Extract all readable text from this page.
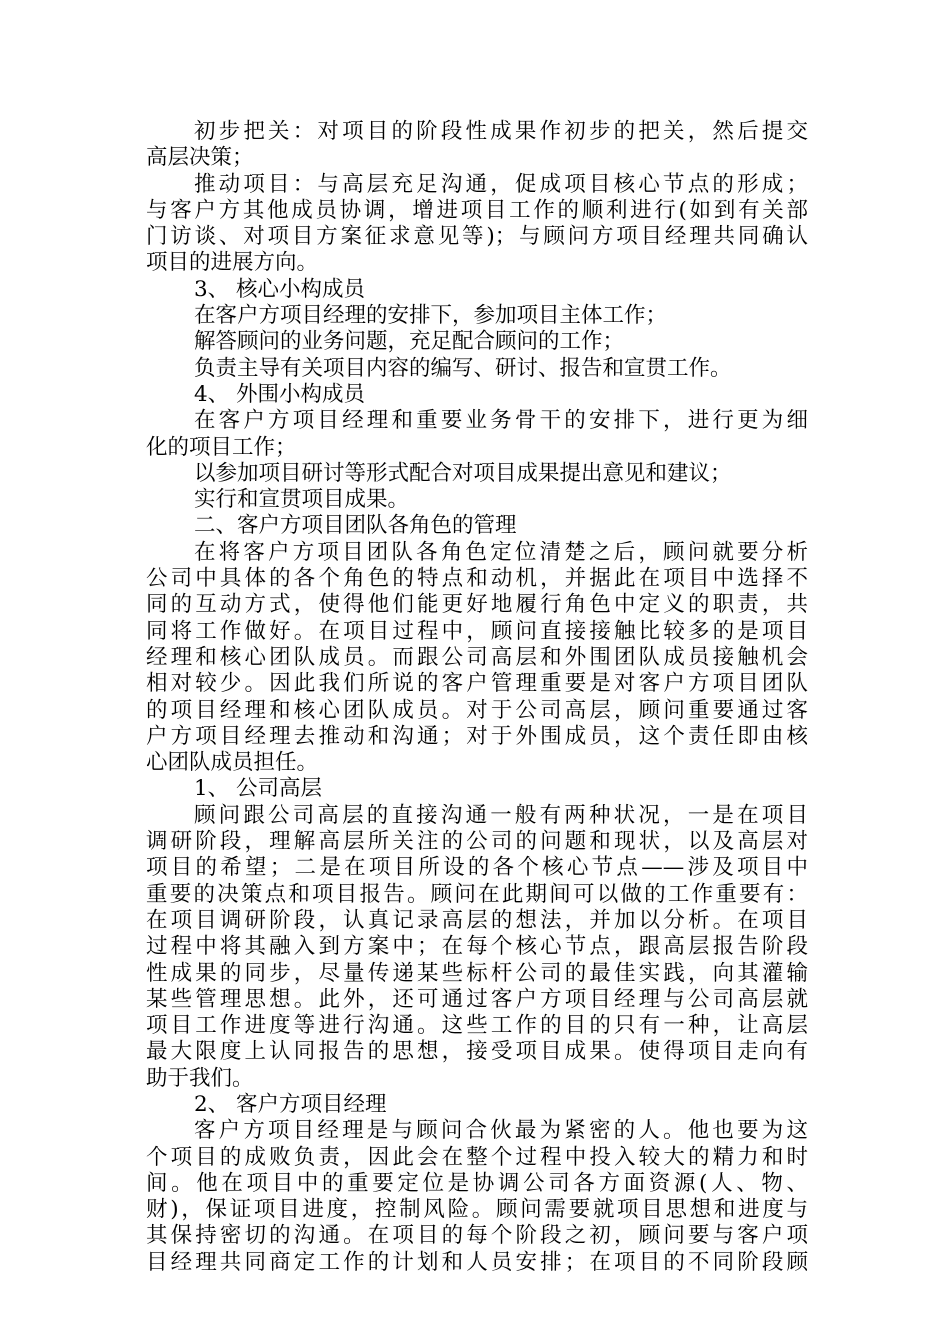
初步把关：对项目的阶段性成果作初步的把关，然后提交
高层决策；
推动项目：与高层充足沟通，促成项目核心节点的形成；
与客户方其他成员协调，增进项目工作的顺利进行(如到有关部
门访谈、对项目方案征求意见等)；与顾问方项目经理共同确认
项目的进展方向。
3、 核心小构成员
在客户方项目经理的安排下，参加项目主体工作；
解答顾问的业务问题，充足配合顾问的工作；
负责主导有关项目内容的编写、研讨、报告和宣贯工作。
4、 外围小构成员
在客户方项目经理和重要业务骨干的安排下，进行更为细
化的项目工作；
以参加项目研讨等形式配合对项目成果提出意见和建议；
实行和宣贯项目成果。
二、客户方项目团队各角色的管理
在将客户方项目团队各角色定位清楚之后，顾问就要分析
公司中具体的各个角色的特点和动机，并据此在项目中选择不
同的互动方式，使得他们能更好地履行角色中定义的职责，共
同将工作做好。在项目过程中，顾问直接接触比较多的是项目
经理和核心团队成员。而跟公司高层和外围团队成员接触机会
相对较少。因此我们所说的客户管理重要是对客户方项目团队
的项目经理和核心团队成员。对于公司高层，顾问重要通过客
户方项目经理去推动和沟通；对于外围成员，这个责任即由核
心团队成员担任。
1、 公司高层
顾问跟公司高层的直接沟通一般有两种状况，一是在项目
调研阶段，理解高层所关注的公司的问题和现状，以及高层对
项目的希望；二是在项目所设的各个核心节点——涉及项目中
重要的决策点和项目报告。顾问在此期间可以做的工作重要有：
在项目调研阶段，认真记录高层的想法，并加以分析。在项目
过程中将其融入到方案中；在每个核心节点，跟高层报告阶段
性成果的同步，尽量传递某些标杆公司的最佳实践，向其灌输
某些管理思想。此外，还可通过客户方项目经理与公司高层就
项目工作进度等进行沟通。这些工作的目的只有一种，让高层
最大限度上认同报告的思想，接受项目成果。使得项目走向有
助于我们。
2、 客户方项目经理
客户方项目经理是与顾问合伙最为紧密的人。他也要为这
个项目的成败负责，因此会在整个过程中投入较大的精力和时
间。他在项目中的重要定位是协调公司各方面资源(人、物、
财)，保证项目进度，控制风险。顾问需要就项目思想和进度与
其保持密切的沟通。在项目的每个阶段之初，顾问要与客户项
目经理共同商定工作的计划和人员安排；在项目的不同阶段顾
